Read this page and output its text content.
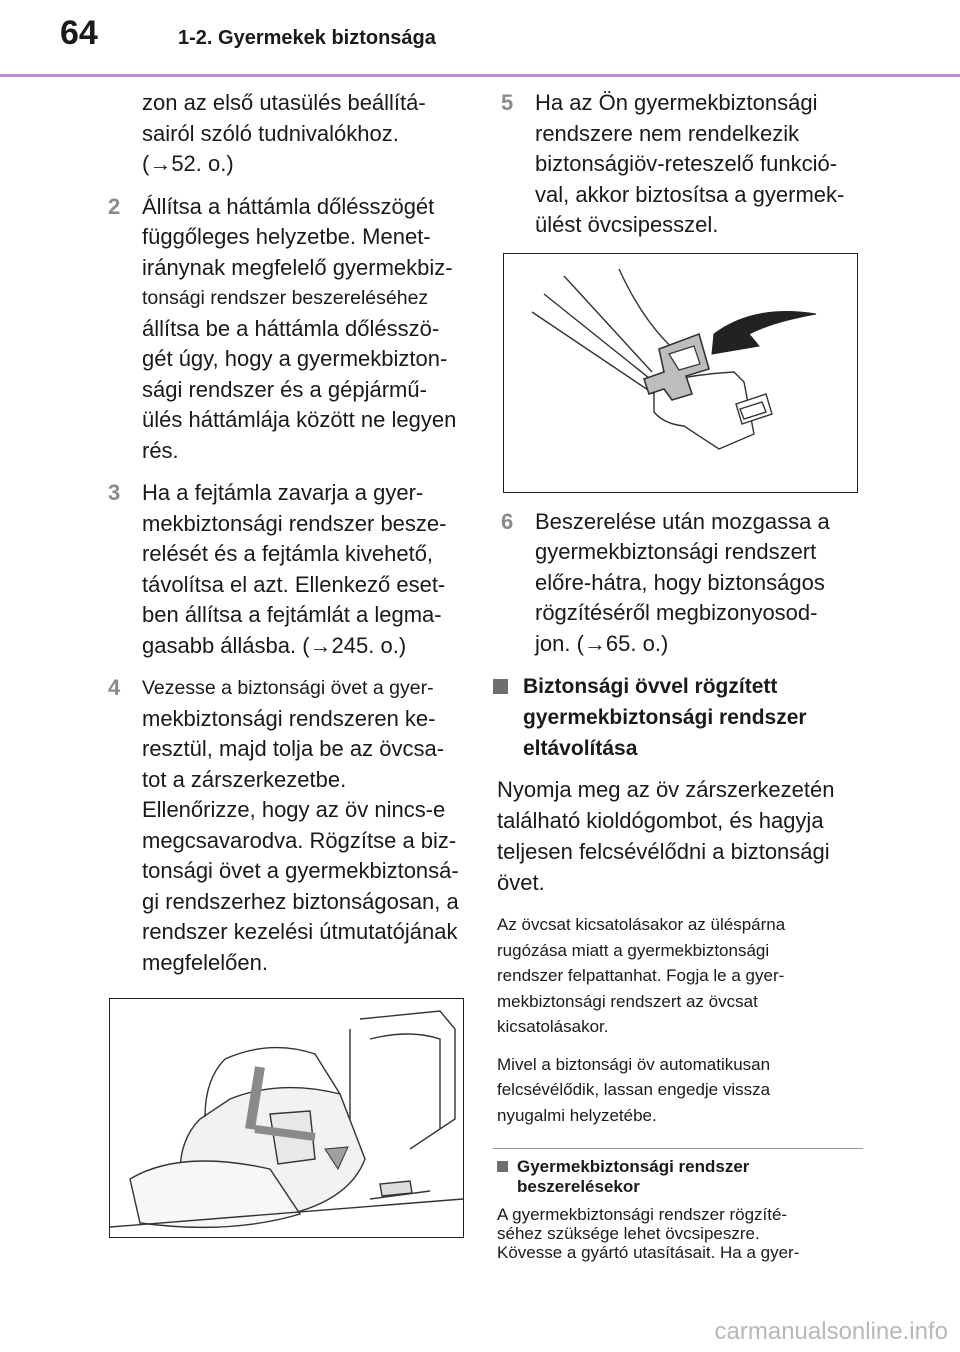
64	1-2. Gyermekek biztonsága
zon az első utasülés beállítá-
sairól szóló tudnivalókhoz.
(→52. o.)
2 Állítsa a háttámla dőlésszögét
függőleges helyzetbe. Menet-
iránynak megfelelő gyermekbiz-
tonsági rendszer beszereléséhez
állítsa be a háttámla dőlésszö-
gét úgy, hogy a gyermekbizton-
sági rendszer és a gépjármű-
ülés háttámlája között ne legyen
rés.
3 Ha a fejtámla zavarja a gyer-
mekbiztonsági rendszer besze-
relését és a fejtámla kivehető,
távolítsa el azt. Ellenkező eset-
ben állítsa a fejtámlát a legma-
gasabb állásba. (→245. o.)
4 Vezesse a biztonsági övet a gyer-
mekbiztonsági rendszeren ke-
resztül, majd tolja be az övcsa-
tot a zárszerkezetbe.
Ellenőrizze, hogy az öv nincs-e
megcsavarodva. Rögzítse a biz-
tonsági övet a gyermekbiztonsá-
gi rendszerhez biztonságosan, a
rendszer kezelési útmutatójának
megfelelően.
5 Ha az Ön gyermekbiztonsági
rendszere nem rendelkezik
biztonságiöv-reteszelő funkció-
val, akkor biztosítsa a gyermek-
ülést övcsipesszel.
6 Beszerelése után mozgassa a
gyermekbiztonsági rendszert
előre-hátra, hogy biztonságos
rögzítéséről megbizonyosod-
jon. (→65. o.)
Biztonsági övvel rögzített
gyermekbiztonsági rendszer
eltávolítása
Nyomja meg az öv zárszerkezetén
található kioldógombot, és hagyja
teljesen felcsévélődni a biztonsági
övet.
Az övcsat kicsatolásakor az üléspárna
rugózása miatt a gyermekbiztonsági
rendszer felpattanhat. Fogja le a gyer-
mekbiztonsági rendszert az övcsat
kicsatolásakor.
Mivel a biztonsági öv automatikusan
felcsévélődik, lassan engedje vissza
nyugalmi helyzetébe.
Gyermekbiztonsági rendszer
beszerelésekor
A gyermekbiztonsági rendszer rögzíté-
séhez szüksége lehet övcsipeszre.
Kövesse a gyártó utasításait. Ha a gyer-
carmanualsonline.info
